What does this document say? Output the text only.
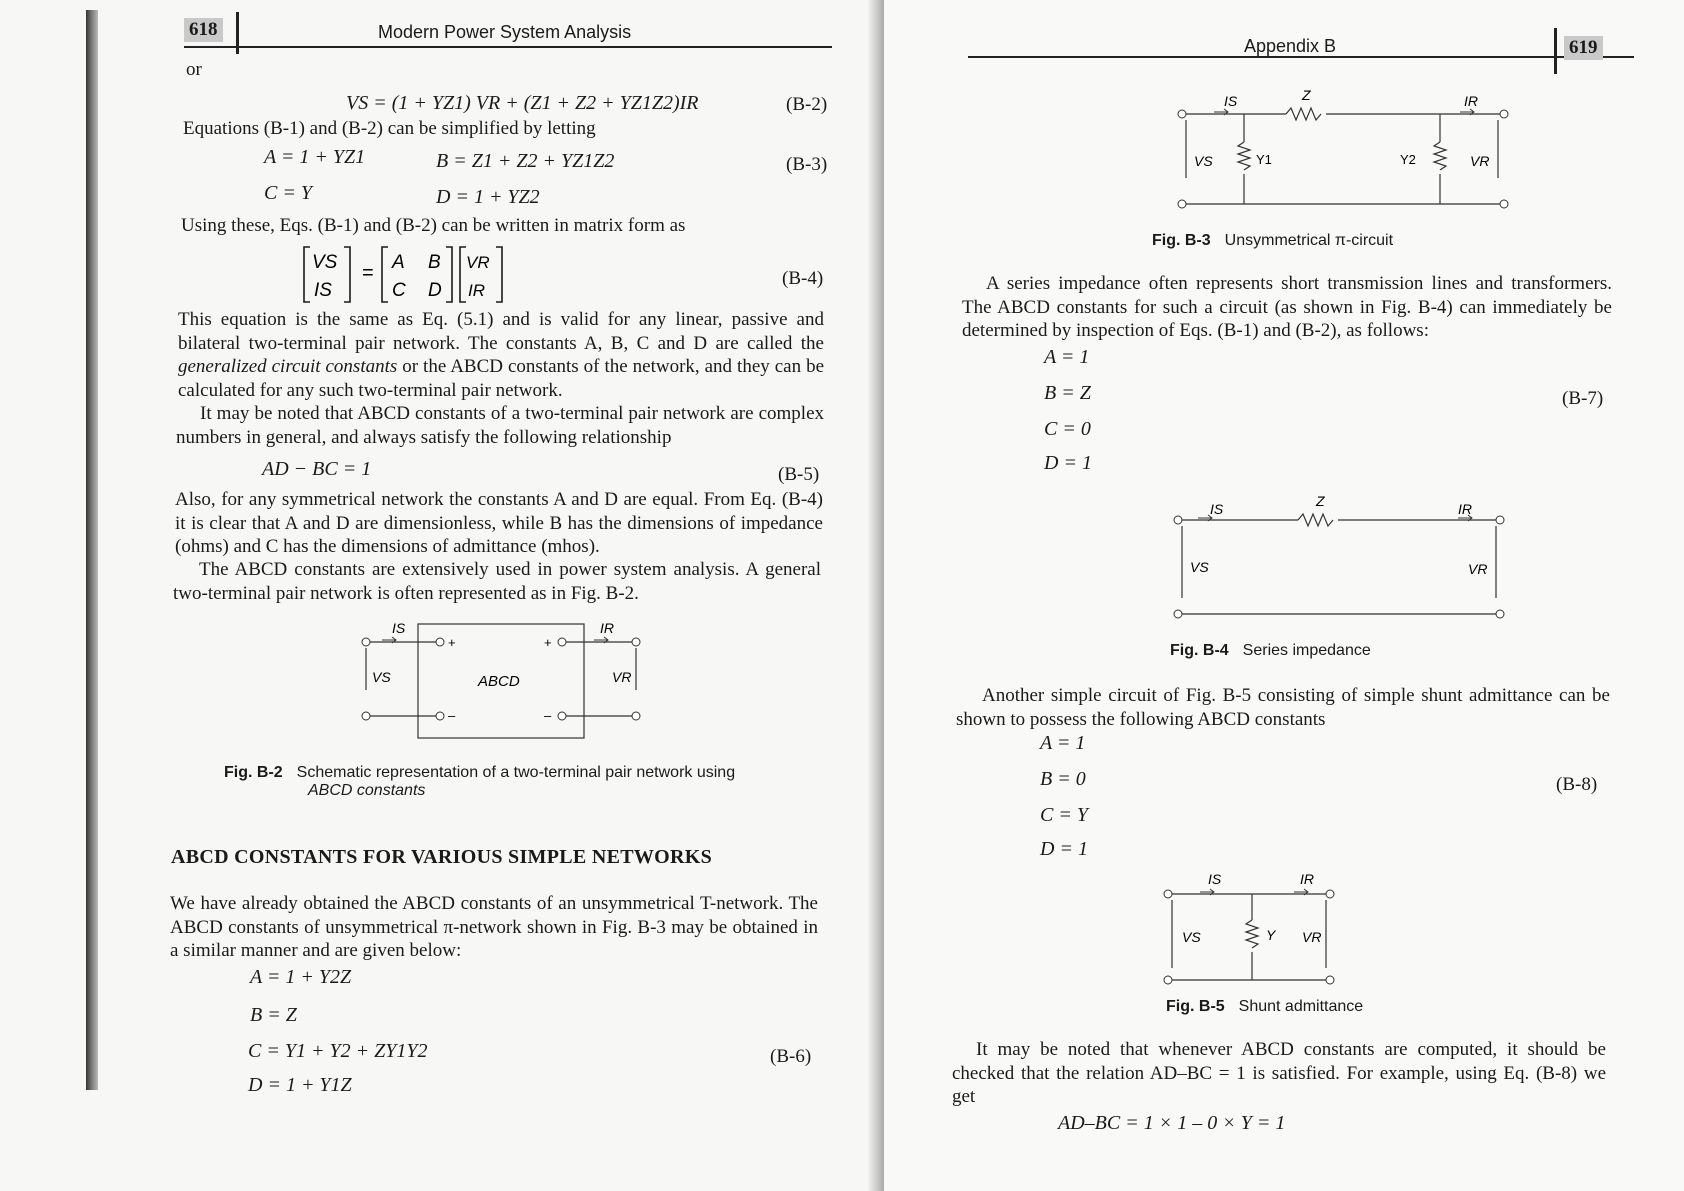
618	Modern Power System Analysis
or
VS = (1 + YZ1) VR + (Z1 + Z2 + YZ1Z2)IR	(B-2)
Equations (B-1) and (B-2) can be simplified by letting
A = 1 + YZ1	B = Z1 + Z2 + YZ1Z2	(B-3)
C = Y	D = 1 + YZ2
Using these, Eqs. (B-1) and (B-2) can be written in matrix form as
=
VS
IS
A B
C D
VR
IR
(B-4)
This equation is the same as Eq. (5.1) and is valid for any linear, passive and bilateral two-terminal pair network. The constants A, B, C and D are called the generalized circuit constants or the ABCD constants of the network, and they can be calculated for any such two-terminal pair network.
It may be noted that ABCD constants of a two-terminal pair network are complex numbers in general, and always satisfy the following relationship
AD − BC = 1	(B-5)
Also, for any symmetrical network the constants A and D are equal. From Eq. (B-4) it is clear that A and D are dimensionless, while B has the dimensions of impedance (ohms) and C has the dimensions of admittance (mhos).
The ABCD constants are extensively used in power system analysis. A general two-terminal pair network is often represented as in Fig. B-2.
IS	IR
VS	VR
ABCD
+	+
–	–
Fig. B-2 Schematic representation of a two-terminal pair network using
ABCD constants
ABCD CONSTANTS FOR VARIOUS SIMPLE NETWORKS
We have already obtained the ABCD constants of an unsymmetrical T-network. The ABCD constants of unsymmetrical π-network shown in Fig. B-3 may be obtained in a similar manner and are given below:
A = 1 + Y2Z
B = Z
C = Y1 + Y2 + ZY1Y2	(B-6)
D = 1 + Y1Z
Appendix B	619
IS	Z	IR
VS	Y1	Y2	VR
Fig. B-3 Unsymmetrical π-circuit
A series impedance often represents short transmission lines and transformers. The ABCD constants for such a circuit (as shown in Fig. B-4) can immediately be determined by inspection of Eqs. (B-1) and (B-2), as follows:
A = 1
B = Z	(B-7)
C = 0
D = 1
IS	Z	IR
VS	VR
Fig. B-4 Series impedance
Another simple circuit of Fig. B-5 consisting of simple shunt admittance can be shown to possess the following ABCD constants
A = 1
B = 0	(B-8)
C = Y
D = 1
IS	IR
VS	Y VR
Fig. B-5 Shunt admittance
It may be noted that whenever ABCD constants are computed, it should be checked that the relation AD–BC = 1 is satisfied. For example, using Eq. (B-8) we get
AD–BC = 1 × 1 – 0 × Y = 1
